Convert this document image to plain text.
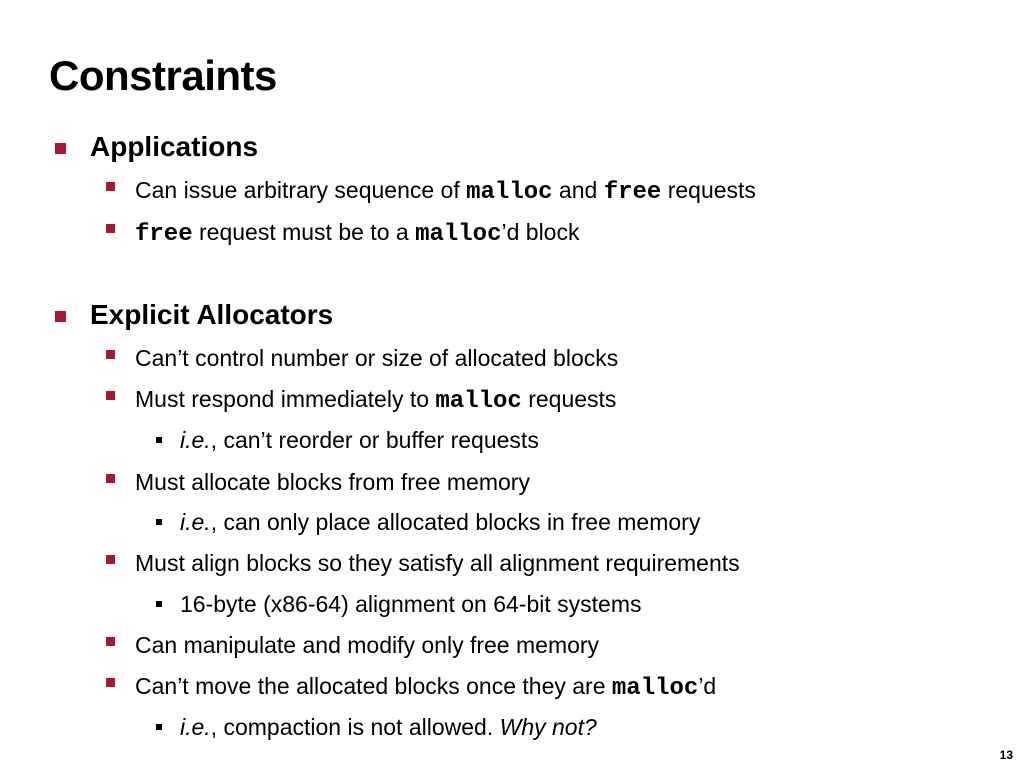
Constraints
Applications
Can issue arbitrary sequence of malloc and free requests
free request must be to a malloc’d block
Explicit Allocators
Can’t control number or size of allocated blocks
Must respond immediately to malloc requests
i.e., can’t reorder or buffer requests
Must allocate blocks from free memory
i.e., can only place allocated blocks in free memory
Must align blocks so they satisfy all alignment requirements
16-byte (x86-64) alignment on 64-bit systems
Can manipulate and modify only free memory
Can’t move the allocated blocks once they are malloc’d
i.e., compaction is not allowed. Why not?
13
